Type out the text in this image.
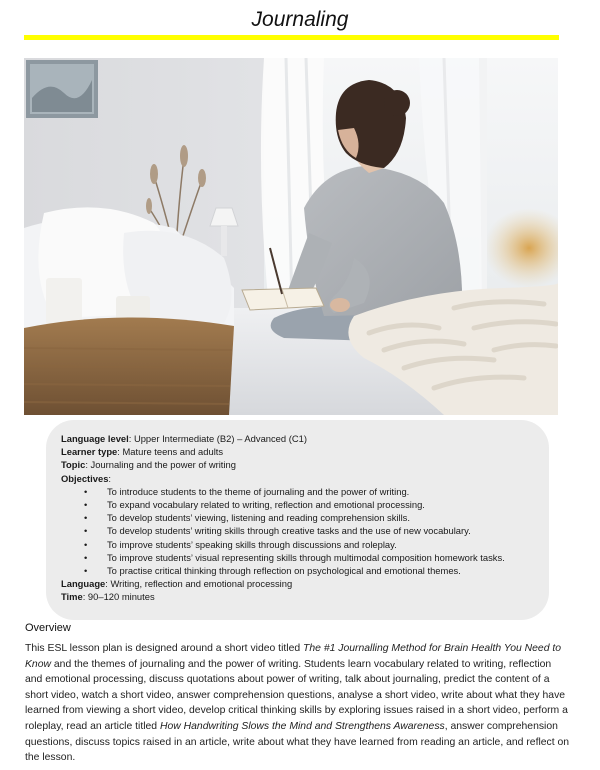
Journaling
Language level: Upper Intermediate (B2) – Advanced (C1)
Learner type: Mature teens and adults
Topic: Journaling and the power of writing
Objectives:
• To introduce students to the theme of journaling and the power of writing.
• To expand vocabulary related to writing, reflection and emotional processing.
• To develop students’ viewing, listening and reading comprehension skills.
• To develop students’ writing skills through creative tasks and the use of new vocabulary.
• To improve students’ speaking skills through discussions and roleplay.
• To improve students’ visual representing skills through multimodal composition homework tasks.
• To practise critical thinking through reflection on psychological and emotional themes.
Language: Writing, reflection and emotional processing
Time: 90–120 minutes
Overview
This ESL lesson plan is designed around a short video titled The #1 Journalling Method for Brain Health You Need to Know and the themes of journaling and the power of writing. Students learn vocabulary related to writing, reflection and emotional processing, discuss quotations about power of writing, talk about journaling, predict the content of a short video, watch a short video, answer comprehension questions, analyse a short video, write about what they have learned from viewing a short video, develop critical thinking skills by exploring issues raised in a short video, perform a roleplay, read an article titled How Handwriting Slows the Mind and Strengthens Awareness, answer comprehension questions, discuss topics raised in an article, write about what they have learned from reading an article, and reflect on the lesson.
